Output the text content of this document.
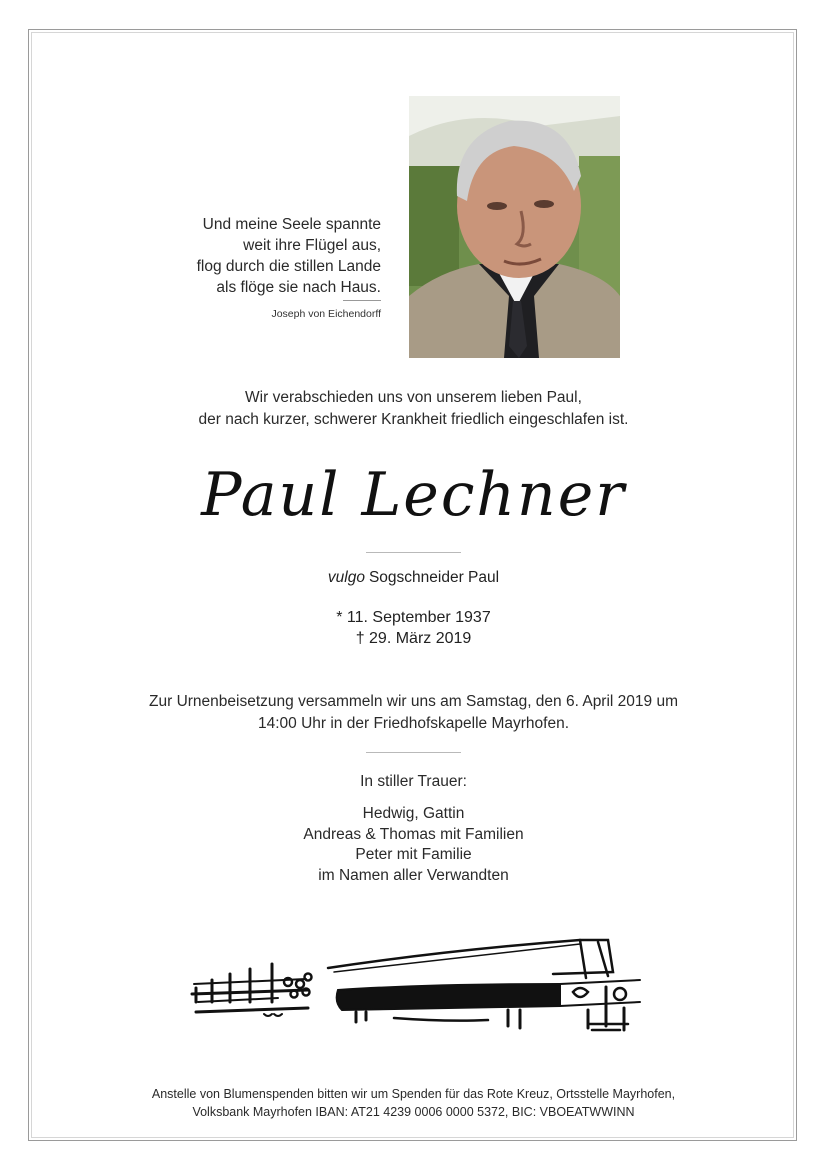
Und meine Seele spannte
weit ihre Flügel aus,
flog durch die stillen Lande
als flöge sie nach Haus.
Joseph von Eichendorff
Wir verabschieden uns von unserem lieben Paul,
der nach kurzer, schwerer Krankheit friedlich eingeschlafen ist.
Paul Lechner
vulgo Sogschneider Paul
* 11. September 1937
† 29. März 2019
Zur Urnenbeisetzung versammeln wir uns am Samstag, den 6. April 2019 um
14:00 Uhr in der Friedhofskapelle Mayrhofen.
In stiller Trauer:
Hedwig, Gattin
Andreas & Thomas mit Familien
Peter mit Familie
im Namen aller Verwandten
Anstelle von Blumenspenden bitten wir um Spenden für das Rote Kreuz, Ortsstelle Mayrhofen,
Volksbank Mayrhofen IBAN: AT21 4239 0006 0000 5372, BIC: VBOEATWWINN
